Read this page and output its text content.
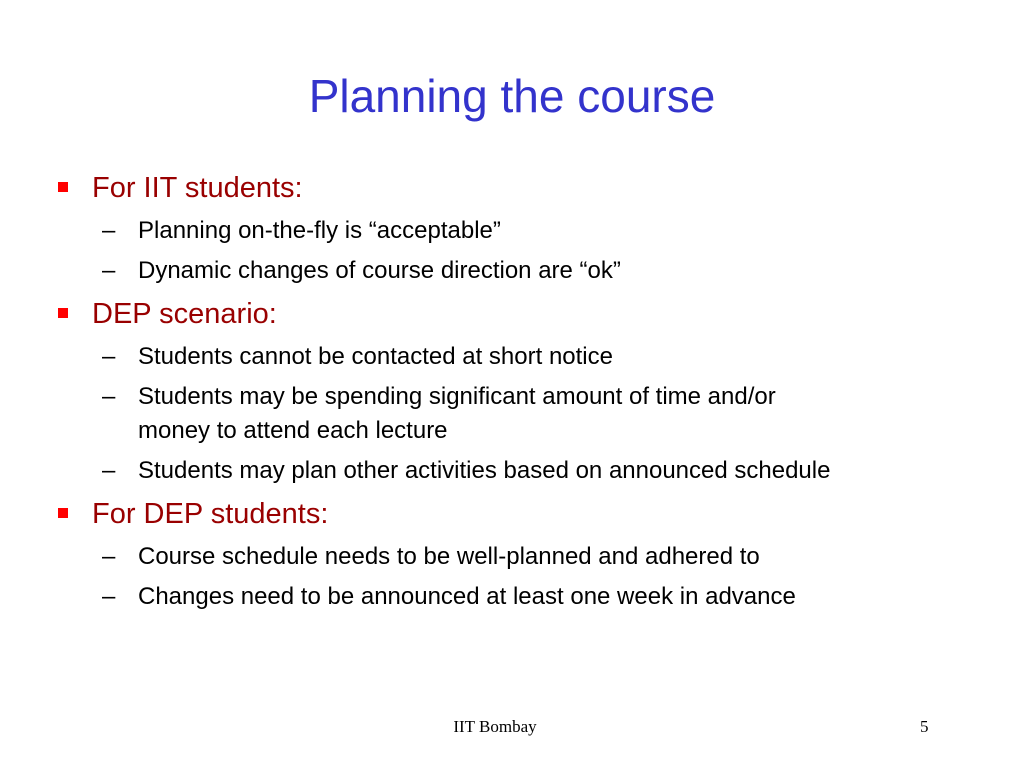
Planning the course
For IIT students:
– Planning on-the-fly is “acceptable”
– Dynamic changes of course direction are “ok”
DEP scenario:
– Students cannot be contacted at short notice
– Students may be spending significant amount of time and/or
money to attend each lecture
– Students may plan other activities based on announced schedule
For DEP students:
– Course schedule needs to be well-planned and adhered to
– Changes need to be announced at least one week in advance
IIT Bombay	5
